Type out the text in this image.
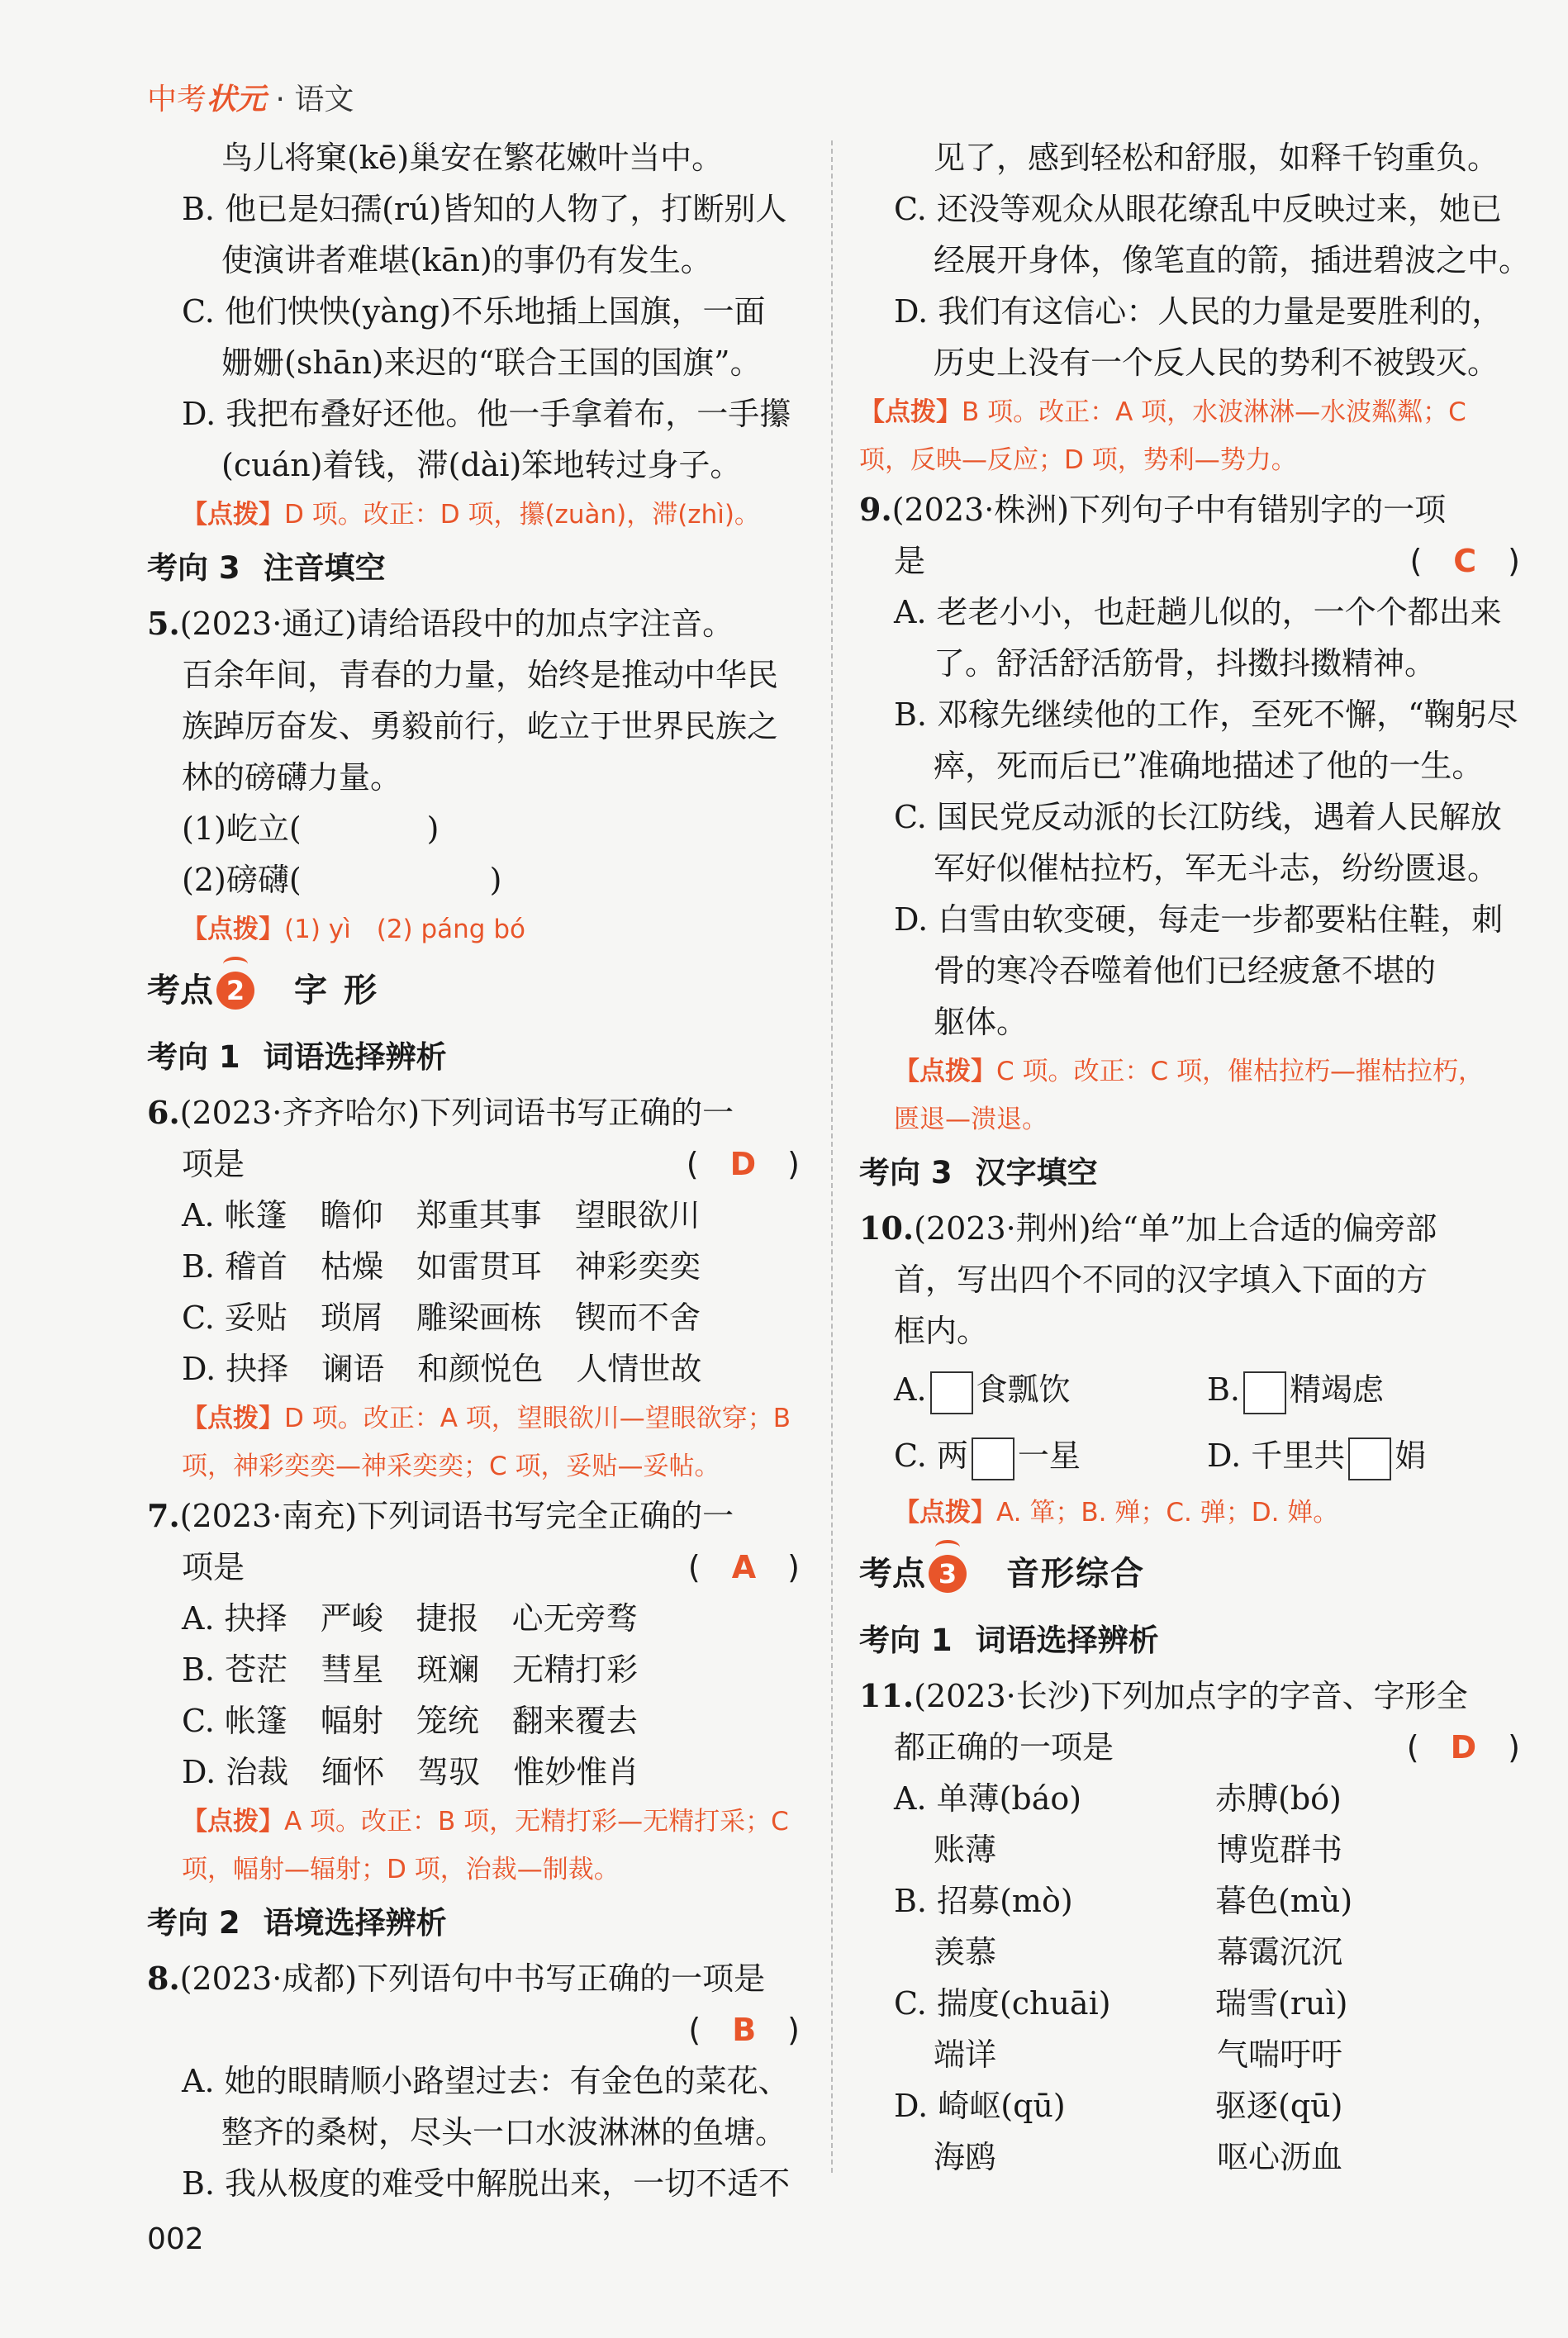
中考状元 · 语文
鸟儿将窠(kē)巢安在繁花嫩叶当中。
B. 他已是妇孺(rú)皆知的人物了，打断别人
使演讲者难堪(kān)的事仍有发生。
C. 他们怏怏(yàng)不乐地插上国旗，一面
姗姗(shān)来迟的“联合王国的国旗”。
D. 我把布叠好还他。他一手拿着布，一手攥
(cuán)着钱，滞(dài)笨地转过身子。
【点拨】D 项。改正：D 项，攥(zuàn)，滞(zhì)。
考向 3 注音填空
5.(2023·通辽)请给语段中的加点字注音。
百余年间，青春的力量，始终是推动中华民
族踔厉奋发、勇毅前行，屹立于世界民族之
林的磅礴力量。
(1)屹立(　　　　)
(2)磅礴(　　　　　　)
【点拨】(1) yì　(2) páng bó
考点 2 字形
考向 1 词语选择辨析
6.(2023·齐齐哈尔)下列词语书写正确的一
项是	(　D　)
A. 帐篷 瞻仰 郑重其事 望眼欲川
B. 稽首 枯燥 如雷贯耳 神彩奕奕
C. 妥贴 琐屑 雕梁画栋 锲而不舍
D. 抉择 谰语 和颜悦色 人情世故
【点拨】D 项。改正：A 项，望眼欲川—望眼欲穿；B
项，神彩奕奕—神采奕奕；C 项，妥贴—妥帖。
7.(2023·南充)下列词语书写完全正确的一
项是	(　A　)
A. 抉择 严峻 捷报 心无旁骛
B. 苍茫 彗星 斑斓 无精打彩
C. 帐篷 幅射 笼统 翻来覆去
D. 治裁 缅怀 驾驭 惟妙惟肖
【点拨】A 项。改正：B 项，无精打彩—无精打采；C
项，幅射—辐射；D 项，治裁—制裁。
考向 2 语境选择辨析
8.(2023·成都)下列语句中书写正确的一项是
(　B　)

A. 她的眼睛顺小路望过去：有金色的菜花、
整齐的桑树，尽头一口水波淋淋的鱼塘。
B. 我从极度的难受中解脱出来，一切不适不
见了，感到轻松和舒服，如释千钧重负。
C. 还没等观众从眼花缭乱中反映过来，她已
经展开身体，像笔直的箭，插进碧波之中。
D. 我们有这信心：人民的力量是要胜利的，
历史上没有一个反人民的势利不被毁灭。
【点拨】B 项。改正：A 项，水波淋淋—水波粼粼；C
项，反映—反应；D 项，势利—势力。
9.(2023·株洲)下列句子中有错别字的一项
是	(　C　)
A. 老老小小，也赶趟儿似的，一个个都出来
了。舒活舒活筋骨，抖擞抖擞精神。
B. 邓稼先继续他的工作，至死不懈，“鞠躬尽
瘁，死而后已”准确地描述了他的一生。
C. 国民党反动派的长江防线，遇着人民解放
军好似催枯拉朽，军无斗志，纷纷匮退。
D. 白雪由软变硬，每走一步都要粘住鞋，刺
骨的寒冷吞噬着他们已经疲惫不堪的
躯体。
【点拨】C 项。改正：C 项，催枯拉朽—摧枯拉朽，
匮退—溃退。
考向 3 汉字填空
10.(2023·荆州)给“单”加上合适的偏旁部
首，写出四个不同的汉字填入下面的方
框内。
A. 食瓢饮	B. 精竭虑
C. 两 一星	D. 千里共 娟
【点拨】A. 箪；B. 殚；C. 弹；D. 婵。
考点 3 音形综合
考向 1 词语选择辨析
11.(2023·长沙)下列加点字的字音、字形全
都正确的一项是	(　D　)
A. 单薄(báo)	赤膊(bó)
账薄	博览群书
B. 招募(mò)	暮色(mù)
羡慕	幕霭沉沉
C. 揣度(chuāi)	瑞雪(ruì)
端详	气喘吁吁
D. 崎岖(qū)	驱逐(qū)
海鸥	呕心沥血
002
